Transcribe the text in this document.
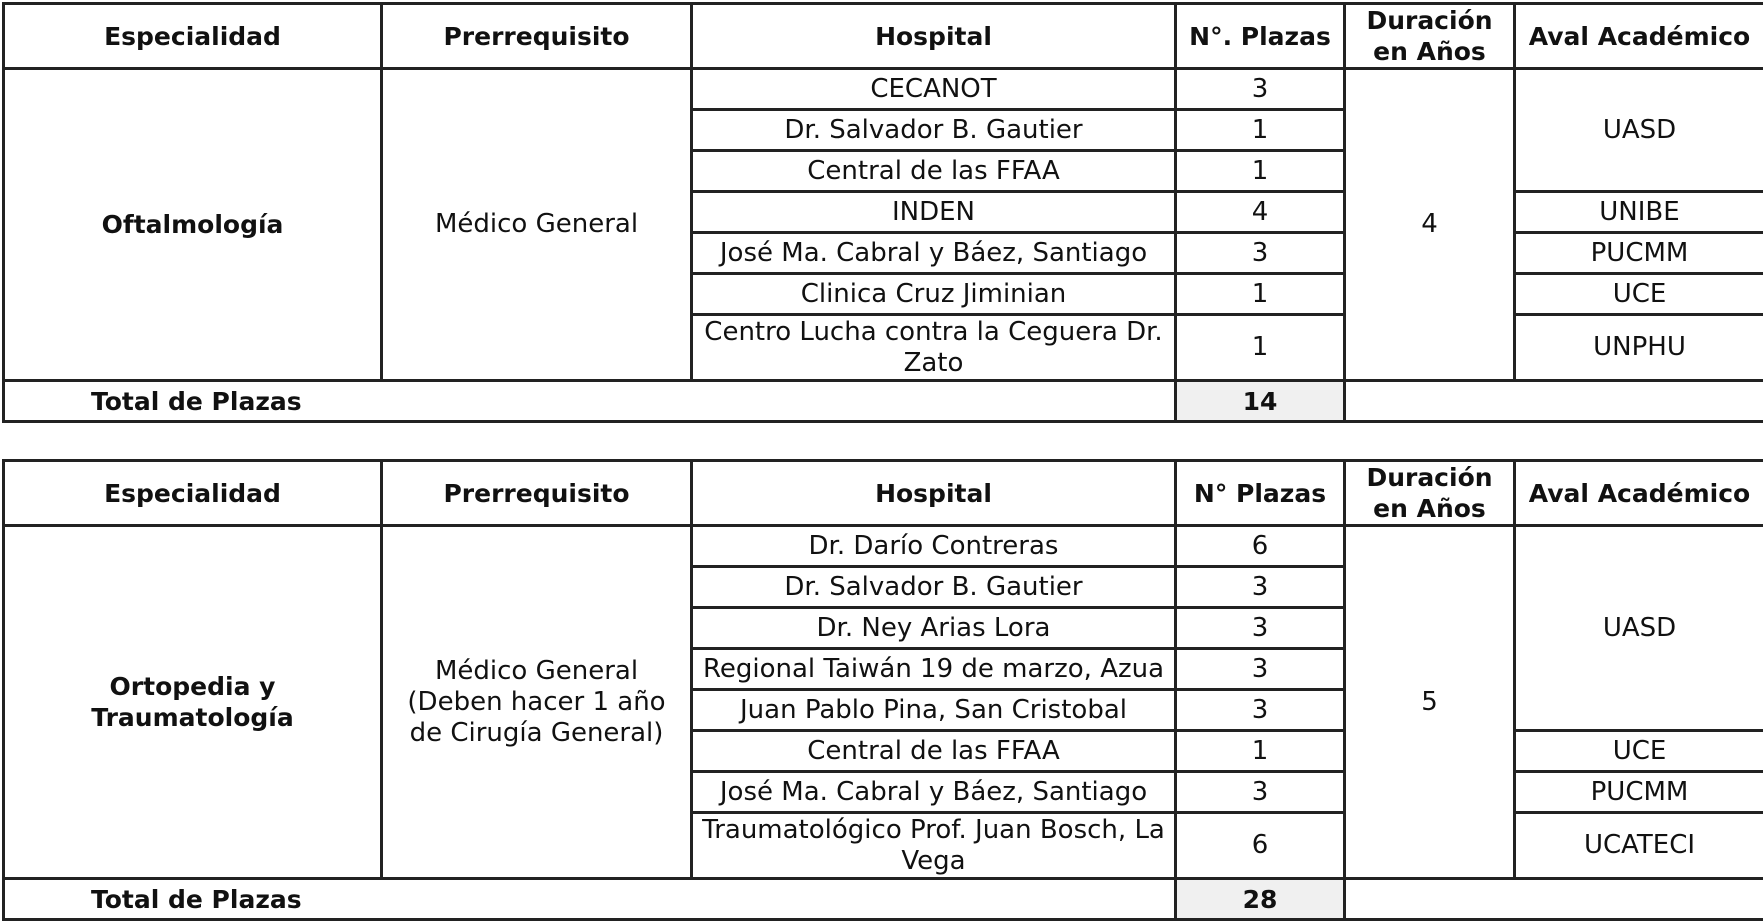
Especialidad	Prerrequisito	Hospital	N°. Plazas	Duración en Años	Aval Académico
Oftalmología	Médico General	CECANOT	3	4	UASD
		Dr. Salvador B. Gautier	1		
		Central de las FFAA	1		
		INDEN	4		UNIBE
		José Ma. Cabral y Báez, Santiago	3		PUCMM
		Clinica Cruz Jiminian	1		UCE
		Centro Lucha contra la Ceguera Dr. Zato	1		UNPHU
Total de Plazas			14		
Especialidad	Prerrequisito	Hospital	N° Plazas	Duración en Años	Aval Académico
Ortopedia y Traumatología	Médico General (Deben hacer 1 año de Cirugía General)	Dr. Darío Contreras	6	5	UASD
		Dr. Salvador B. Gautier	3		
		Dr. Ney Arias Lora	3		
		Regional Taiwán 19 de marzo, Azua	3		
		Juan Pablo Pina, San Cristobal	3		
		Central de las FFAA	1		UCE
		José Ma. Cabral y Báez, Santiago	3		PUCMM
		Traumatológico Prof. Juan Bosch, La Vega	6		UCATECI
Total de Plazas			28		
